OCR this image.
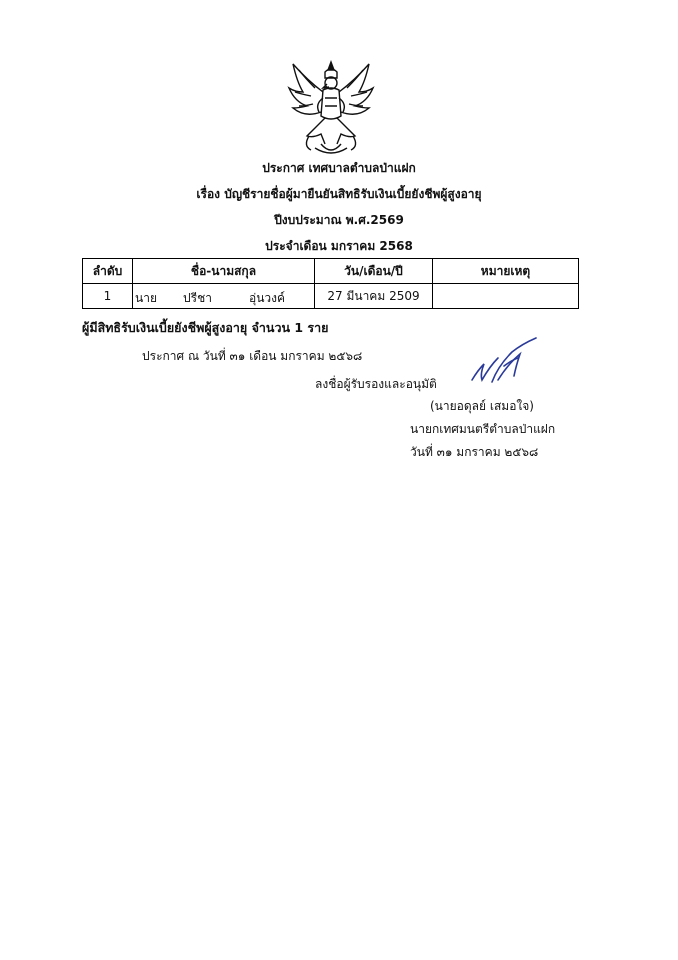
ประกาศ เทศบาลตำบลป่าแฝก
เรื่อง บัญชีรายชื่อผู้มายืนยันสิทธิรับเงินเบี้ยยังชีพผู้สูงอายุ
ปีงบประมาณ พ.ศ.2569
ประจำเดือน มกราคม 2568
ลำดับ	ชื่อ-นามสกุล	วัน/เดือน/ปี	หมายเหตุ
1	นาย ปรีชา อุ่นวงค์	27 มีนาคม 2509	
ผู้มีสิทธิรับเงินเบี้ยยังชีพผู้สูงอายุ จำนวน 1 ราย
ประกาศ ณ วันที่ ๓๑ เดือน มกราคม ๒๕๖๘
ลงชื่อผู้รับรองและอนุมัติ
(นายอดุลย์ เสมอใจ)
นายกเทศมนตรีตำบลป่าแฝก
วันที่ ๓๑ มกราคม ๒๕๖๘
